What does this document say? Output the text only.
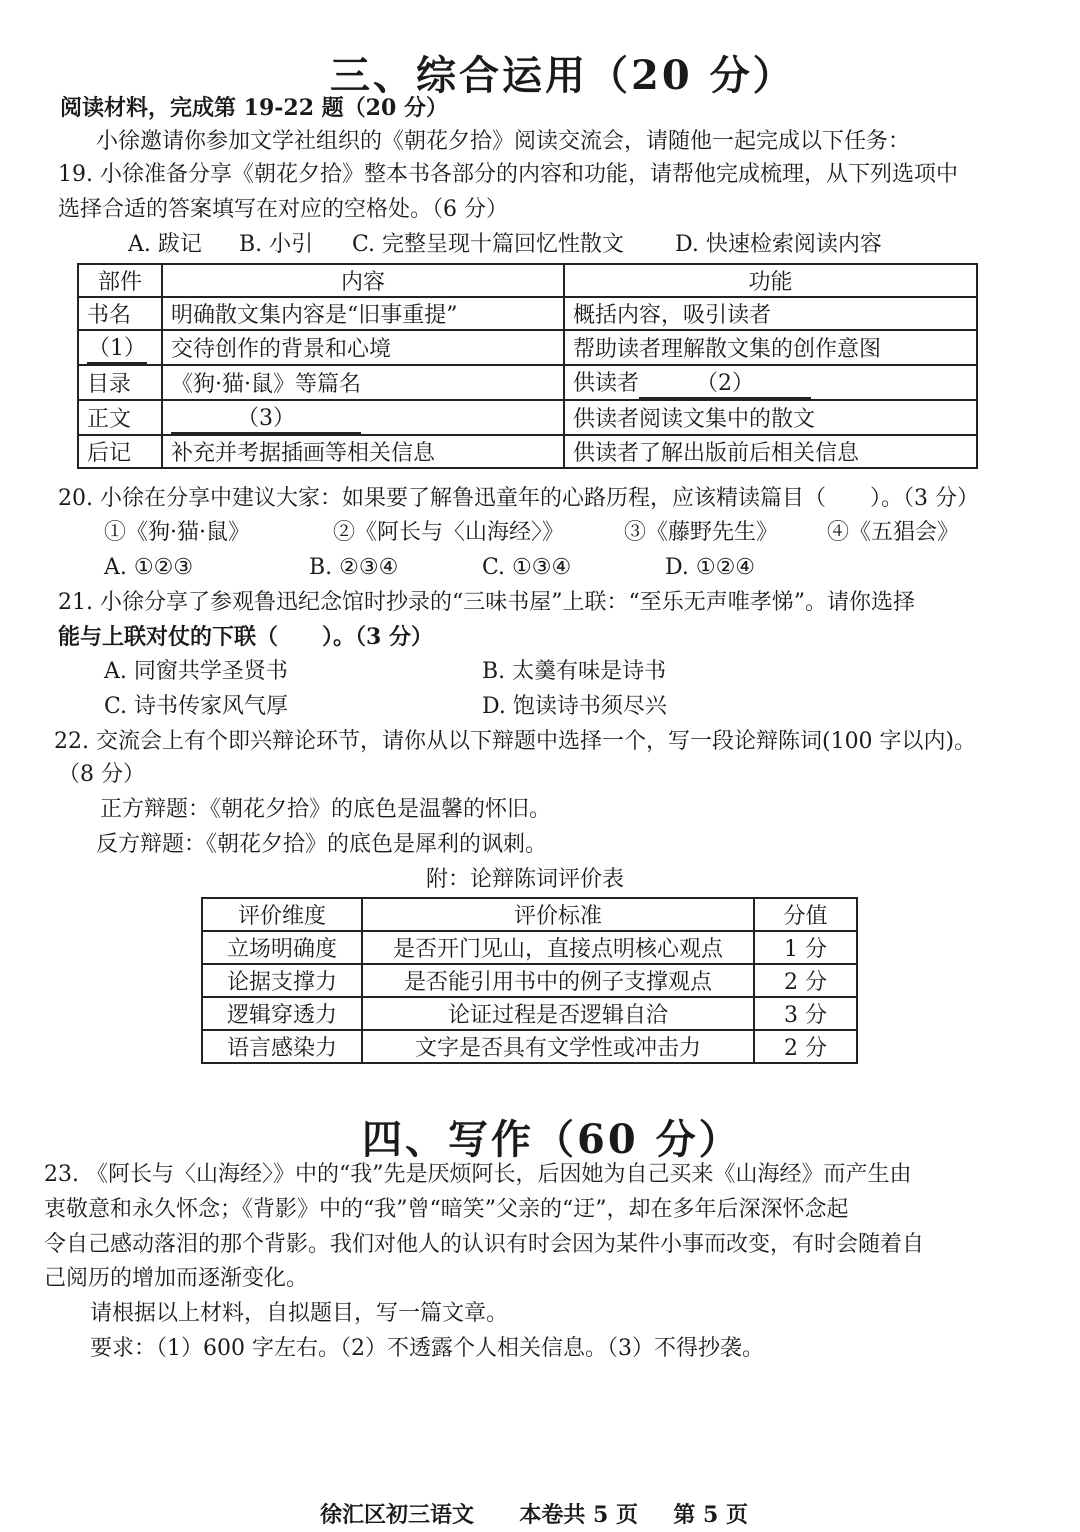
三、综合运用（20 分）
阅读材料，完成第 19-22 题（20 分）
小徐邀请你参加文学社组织的《朝花夕拾》阅读交流会，请随他一起完成以下任务：
19. 小徐准备分享《朝花夕拾》整本书各部分的内容和功能，请帮他完成梳理，从下列选项中
选择合适的答案填写在对应的空格处。（6 分）
A. 跋记 B. 小引 C. 完整呈现十篇回忆性散文 D. 快速检索阅读内容
部件	内容	功能
书名	明确散文集内容是“旧事重提”	概括内容，吸引读者
（1）	交待创作的背景和心境	帮助读者理解散文集的创作意图
目录	《狗·猫·鼠》等篇名	供读者 （2）
正文	（3）	供读者阅读文集中的散文
后记	补充并考据插画等相关信息	供读者了解出版前后相关信息
20. 小徐在分享中建议大家：如果要了解鲁迅童年的心路历程，应该精读篇目（　　）。（3 分）
①《狗·猫·鼠》	②《阿长与〈山海经〉》	③《藤野先生》 ④《五猖会》
A. ①②③	B. ②③④	C. ①③④	D. ①②④
21. 小徐分享了参观鲁迅纪念馆时抄录的“三味书屋”上联：“至乐无声唯孝悌”。请你选择
能与上联对仗的下联（　　）。（3 分）
A. 同窗共学圣贤书	B. 太羹有味是诗书
C. 诗书传家风气厚	D. 饱读诗书须尽兴
22. 交流会上有个即兴辩论环节，请你从以下辩题中选择一个，写一段论辩陈词(100 字以内)。
（8 分）
正方辩题：《朝花夕拾》的底色是温馨的怀旧。
反方辩题：《朝花夕拾》的底色是犀利的讽刺。
附：论辩陈词评价表
评价维度	评价标准	分值
立场明确度	是否开门见山，直接点明核心观点	1 分
论据支撑力	是否能引用书中的例子支撑观点	2 分
逻辑穿透力	论证过程是否逻辑自洽	3 分
语言感染力	文字是否具有文学性或冲击力	2 分
四、写作（60 分）
23. 《阿长与〈山海经〉》中的“我”先是厌烦阿长，后因她为自己买来《山海经》而产生由
衷敬意和永久怀念；《背影》中的“我”曾“暗笑”父亲的“迂”，却在多年后深深怀念起
令自己感动落泪的那个背影。我们对他人的认识有时会因为某件小事而改变，有时会随着自
己阅历的增加而逐渐变化。
请根据以上材料，自拟题目，写一篇文章。
要求：（1）600 字左右。（2）不透露个人相关信息。（3）不得抄袭。
徐汇区初三语文 本卷共 5 页 第 5 页
